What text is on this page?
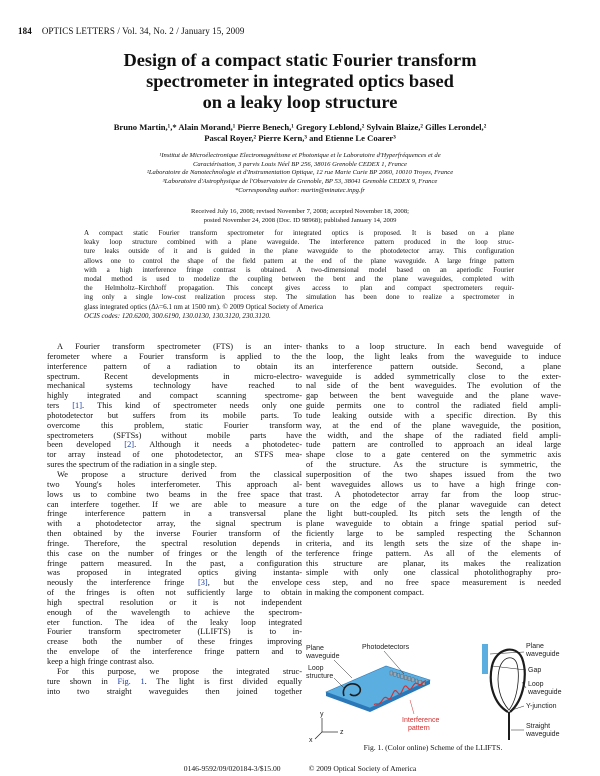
184 OPTICS LETTERS / Vol. 34, No. 2 / January 15, 2009
Design of a compact static Fourier transform
spectrometer in integrated optics based
on a leaky loop structure
Bruno Martin,¹,* Alain Morand,¹ Pierre Benech,¹ Gregory Leblond,² Sylvain Blaize,² Gilles Lerondel,²
Pascal Royer,² Pierre Kern,³ and Etienne Le Coarer³
¹Institut de Microélectronique Electromagnétisme et Photonique et le Laboratoire d'Hyperfréquences et de
Caractérisation, 3 parvis Louis Néel BP 256, 38016 Grenoble CEDEX 1, France
²Laboratoire de Nanotechnologie et d'Instrumentation Optique, 12 rue Marie Curie BP 2060, 10010 Troyes, France
³Laboratoire d'Astrophysique de l'Observatoire de Grenoble, BP 53, 38041 Grenoble CEDEX 9, France
*Corresponding author: martin@minatec.inpg.fr
Received July 16, 2008; revised November 7, 2008; accepted November 18, 2008;
posted November 24, 2008 (Doc. ID 98968); published January 14, 2009
A compact static Fourier transform spectrometer for integrated optics is proposed. It is based on a plane
leaky loop structure combined with a plane waveguide. The interference pattern produced in the loop struc-
ture leaks outside of it and is guided in the plane waveguide to the photodetector array. This configuration
allows one to control the shape of the field pattern at the end of the plane waveguide. A large fringe pattern
with a high interference fringe contrast is obtained. A two-dimensional model based on an aperiodic Fourier
modal method is used to modelize the coupling between the bent and the plane waveguides, completed with
the Helmholtz–Kirchhoff propagation. This concept gives access to plan and compact spectrometers requir-
ing only a single low-cost realization process step. The simulation has been done to realize a spectrometer in
glass integrated optics (Δλ=6.1 nm at 1500 nm). © 2009 Optical Society of America
OCIS codes: 120.6200, 300.6190, 130.0130, 130.3120, 230.3120.
A Fourier transform spectrometer (FTS) is an inter-
ferometer where a Fourier transform is applied to the
interference pattern of a radiation to obtain its
spectrum. Recent developments in micro-electro-
mechanical systems technology have reached to
highly integrated and compact scanning spectrome-
ters [1]. This kind of spectrometer needs only one
photodetector but suffers from its mobile parts. To
overcome this problem, static Fourier transform
spectrometers (SFTSs) without mobile parts have
been developed [2]. Although it needs a photodetec-
tor array instead of one photodetector, an STFS mea-
sures the spectrum of the radiation in a single step.
We propose a structure derived from the classical
two Young's holes interferometer. This approach al-
lows us to combine two beams in the free space that
can interfere together. If we are able to measure a
fringe interference pattern in a transversal plane
with a photodetector array, the signal spectrum is
then obtained by the inverse Fourier transform of the
fringe. Therefore, the spectral resolution depends in
this case on the number of fringes or the length of the
fringe pattern measured. In the past, a configuration
was proposed in integrated optics giving instanta-
neously the interference fringe [3], but the envelope
of the fringes is often not sufficiently large to obtain
high spectral resolution or it is not independent
enough of the wavelength to achieve the spectrom-
eter function. The idea of the leaky loop integrated
Fourier transform spectrometer (LLIFTS) is to in-
crease both the number of these fringes improving
the envelope of the interference fringe pattern and to
keep a high fringe contrast also.
For this purpose, we propose the integrated struc-
ture shown in Fig. 1. The light is first divided equally
into two straight waveguides then joined together
thanks to a loop structure. In each bend waveguide of
the loop, the light leaks from the waveguide to induce
an interference pattern outside. Second, a plane
waveguide is added symmetrically close to the exter-
nal side of the bent waveguides. The evolution of the
gap between the bent waveguide and the plane wave-
guide permits one to control the radiated field ampli-
tude leaking outside with a specific direction. By this
way, at the end of the plane waveguide, the position,
the width, and the shape of the radiated field ampli-
tude pattern are controlled to approach an ideal large
shape close to a gate centered on the symmetric axis
of the structure. As the structure is symmetric, the
superposition of the two shapes issued from the two
bent waveguides allows us to have a high fringe con-
trast. A photodetector array far from the loop struc-
ture on the edge of the planar waveguide can detect
the light butt-coupled. Its pitch sets the length of the
plane waveguide to obtain a fringe spatial period suf-
ficiently large to be sampled respecting the Schannon
criteria, and its length sets the size of the shape in-
terference fringe pattern. As all of the elements of
this structure are planar, its makes the realization
simple with only one classical photolithography pro-
cess step, and no free space measurement is needed
in making the component compact.
z
y
x
Plane
waveguide
Photodetectors
Loop
structure
Interference
pattern
Plane
waveguide
Gap
Loop
waveguide
Y-junction
Straight
waveguide
Fig. 1. (Color online) Scheme of the LLIFTS.
0146-9592/09/020184-3/$15.00	© 2009 Optical Society of America
